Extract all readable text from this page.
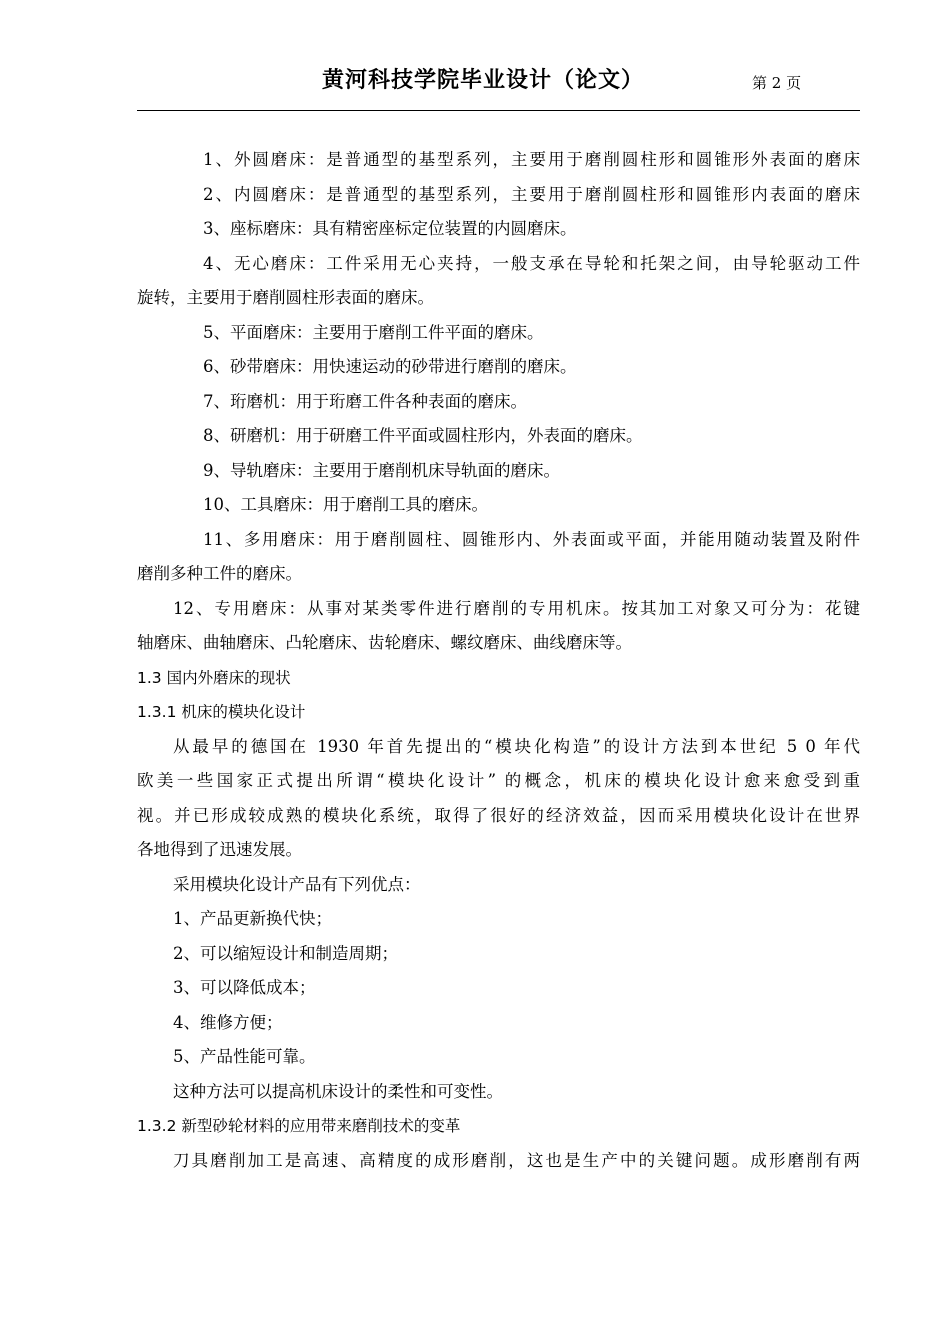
黄河科技学院毕业设计（论文）	第 2 页
1、外圆磨床：是普通型的基型系列，主要用于磨削圆柱形和圆锥形外表面的磨床
2、内圆磨床：是普通型的基型系列，主要用于磨削圆柱形和圆锥形内表面的磨床
3、座标磨床：具有精密座标定位装置的内圆磨床。
4、无心磨床：工件采用无心夹持，一般支承在导轮和托架之间，由导轮驱动工件
旋转，主要用于磨削圆柱形表面的磨床。
5、平面磨床：主要用于磨削工件平面的磨床。
6、砂带磨床：用快速运动的砂带进行磨削的磨床。
7、珩磨机：用于珩磨工件各种表面的磨床。
8、研磨机：用于研磨工件平面或圆柱形内，外表面的磨床。
9、导轨磨床：主要用于磨削机床导轨面的磨床。
10、工具磨床：用于磨削工具的磨床。
11、多用磨床：用于磨削圆柱、圆锥形内、外表面或平面，并能用随动装置及附件
磨削多种工件的磨床。
12、专用磨床：从事对某类零件进行磨削的专用机床。按其加工对象又可分为：花键
轴磨床、曲轴磨床、凸轮磨床、齿轮磨床、螺纹磨床、曲线磨床等。
1.3 国内外磨床的现状
1.3.1 机床的模块化设计
从最早的德国在 1930 年首先提出的“模块化构造”的设计方法到本世纪 5 0 年代
欧美一些国家正式提出所谓“模块化设计” 的概念，机床的模块化设计愈来愈受到重
视。并已形成较成熟的模块化系统，取得了很好的经济效益，因而采用模块化设计在世界
各地得到了迅速发展。
采用模块化设计产品有下列优点：
1、产品更新换代快；
2、可以缩短设计和制造周期；
3、可以降低成本；
4、维修方便；
5、产品性能可靠。
这种方法可以提高机床设计的柔性和可变性。
1.3.2 新型砂轮材料的应用带来磨削技术的变革
刀具磨削加工是高速、高精度的成形磨削，这也是生产中的关键问题。成形磨削有两
